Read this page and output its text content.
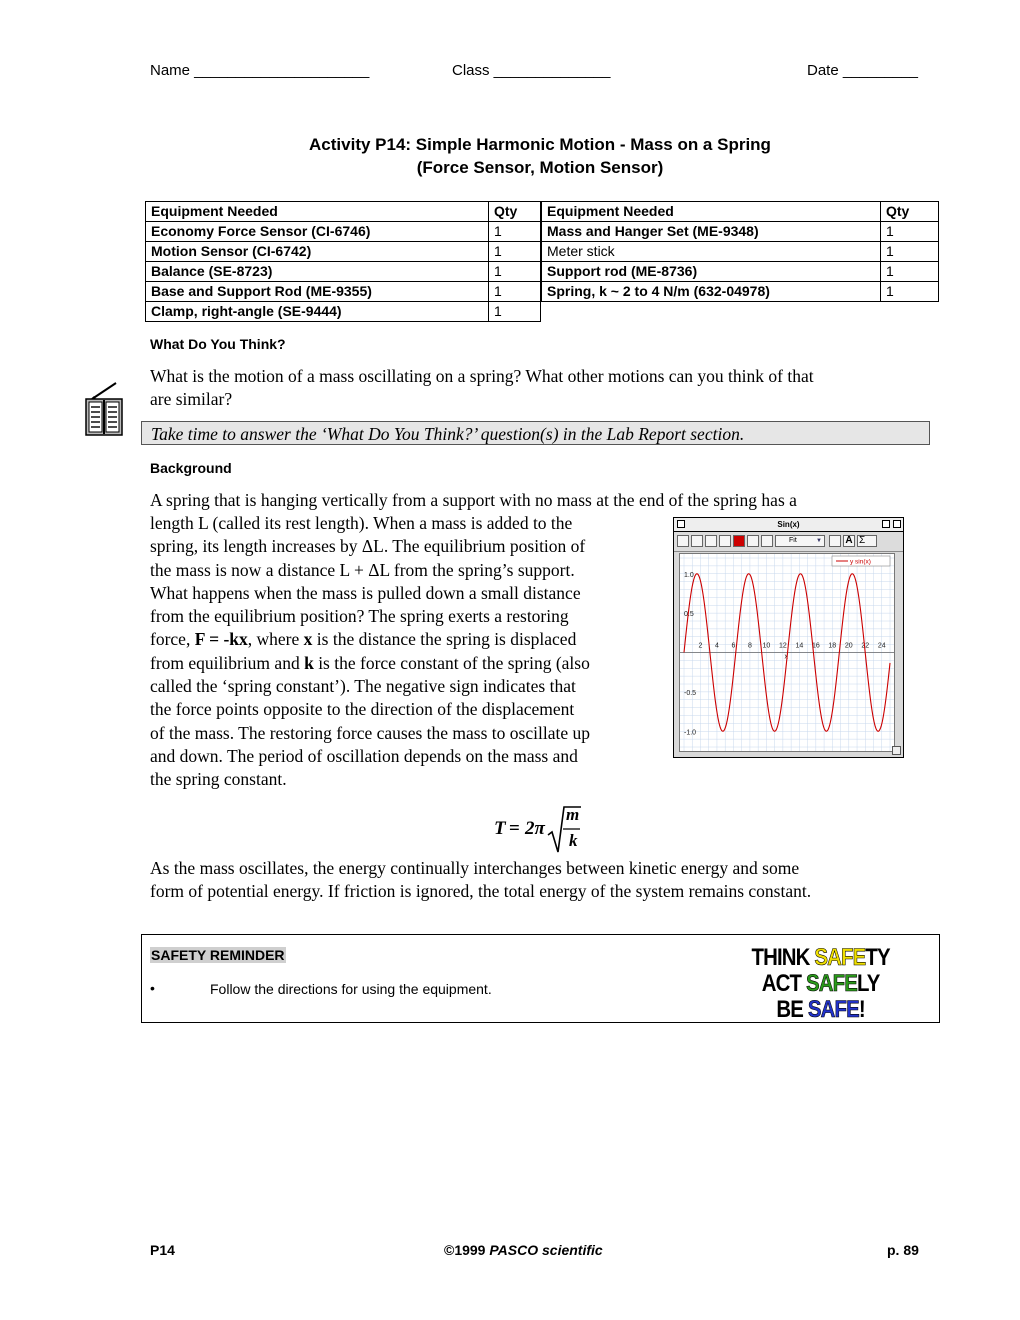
Name _____________________	Class ______________	Date _________
Activity P14: Simple Harmonic Motion - Mass on a Spring
(Force Sensor, Motion Sensor)
Equipment Needed	Qty
Economy Force Sensor (CI-6746)	1
Motion Sensor (CI-6742)	1
Balance (SE-8723)	1
Base and Support Rod (ME-9355)	1
Clamp, right-angle (SE-9444)	1
Equipment Needed	Qty
Mass and Hanger Set (ME-9348)	1
Meter stick	1
Support rod (ME-8736)	1
Spring, k ~ 2 to 4 N/m (632-04978)	1
What Do You Think?
What is the motion of a mass oscillating on a spring? What other motions can you think of that
are similar?
Take time to answer the ‘What Do You Think?’ question(s) in the Lab Report section.
Background
A spring that is hanging vertically from a support with no mass at the end of the spring has a
length L (called its rest length). When a mass is added to the
spring, its length increases by ΔL. The equilibrium position of
the mass is now a distance L + ΔL from the spring’s support.
What happens when the mass is pulled down a small distance
from the equilibrium position? The spring exerts a restoring
force, F = -kx, where x is the distance the spring is displaced
from equilibrium and k is the force constant of the spring (also
called the ‘spring constant’). The negative sign indicates that
the force points opposite to the direction of the displacement
of the mass. The restoring force causes the mass to oscillate up
and down. The period of oscillation depends on the mass and
the spring constant.
Sin(x)
Fit	▼ A Σ
2 4 6 8 10 12 14 16 18 20 22 24
1.0
0.5
-0.5
-1.0
x
y sin(x)
T = 2π
m
k
As the mass oscillates, the energy continually interchanges between kinetic energy and some
form of potential energy. If friction is ignored, the total energy of the system remains constant.
SAFETY REMINDER
•	Follow the directions for using the equipment.
THINK SAFETY
ACT SAFELY
BE SAFE!
P14	©1999 PASCO scientific	p. 89
